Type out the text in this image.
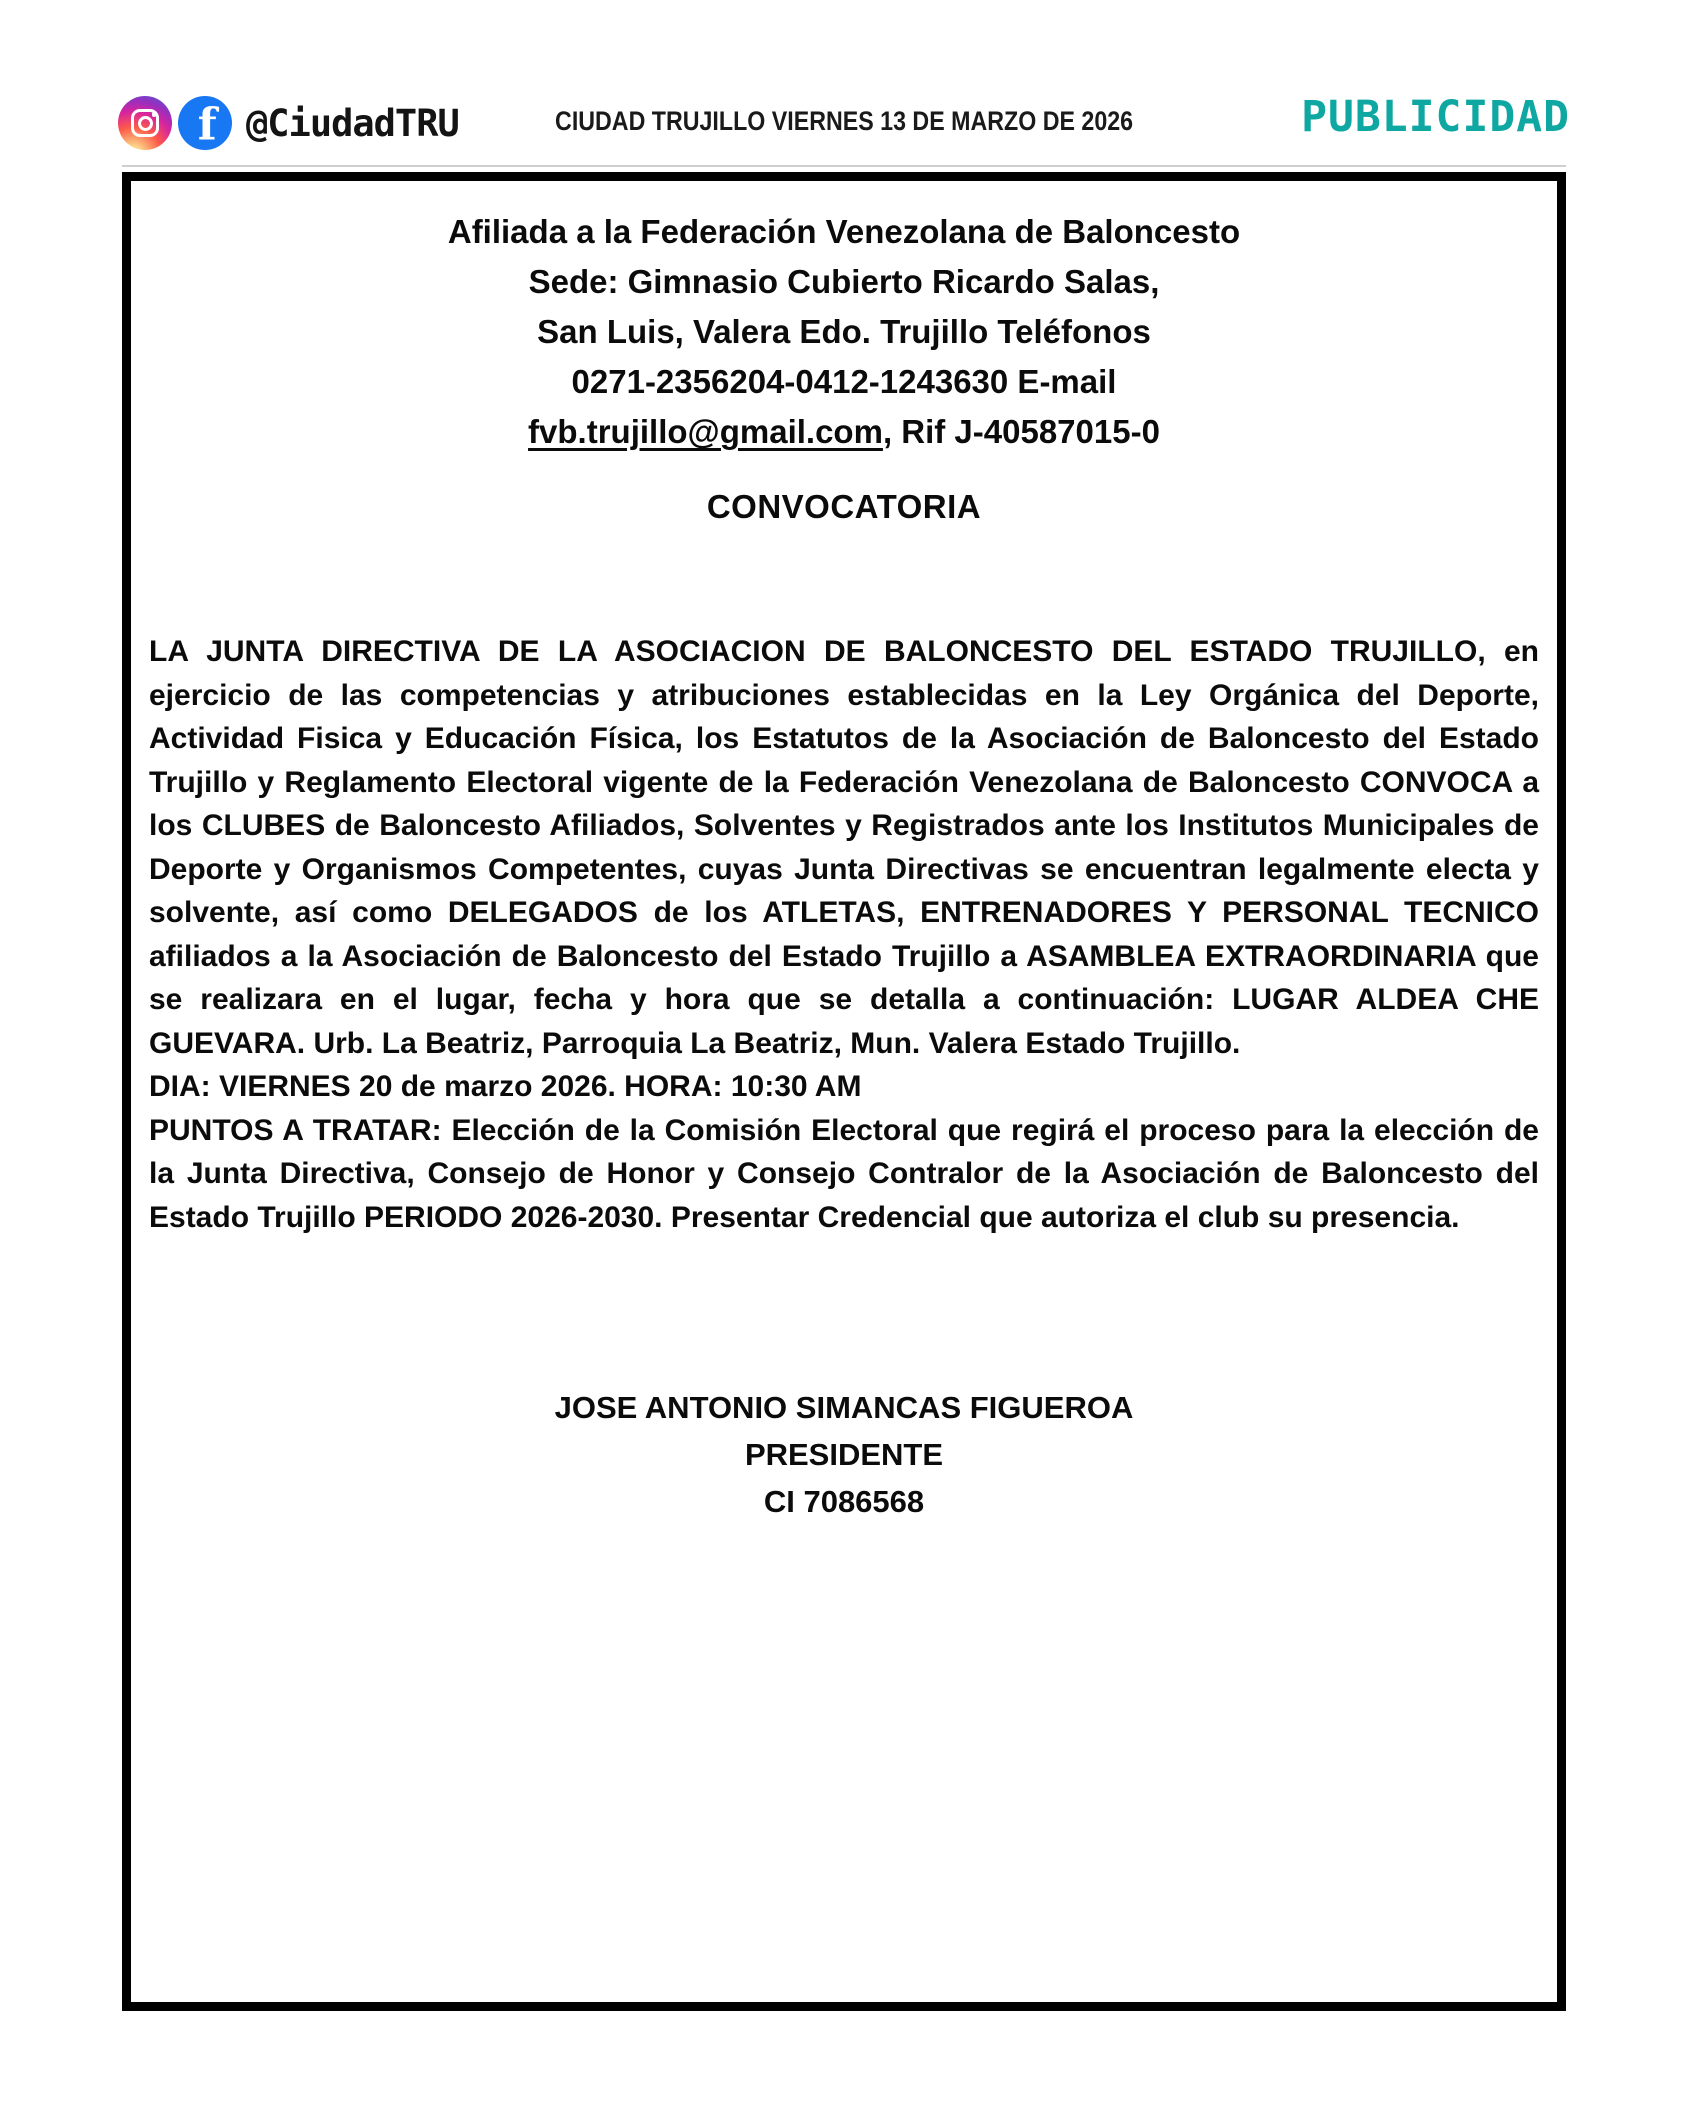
f @CiudadTRU	CIUDAD TRUJILLO VIERNES 13 DE MARZO DE 2026	PUBLICIDAD
Afiliada a la Federación Venezolana de Baloncesto
Sede: Gimnasio Cubierto Ricardo Salas,
San Luis, Valera Edo. Trujillo Teléfonos
0271-2356204-0412-1243630 E-mail
fvb.trujillo@gmail.com, Rif J-40587015-0
CONVOCATORIA

LA JUNTA DIRECTIVA DE LA ASOCIACION DE BALONCESTO DEL ESTADO TRUJILLO, en ejercicio de las competencias y atribuciones establecidas en la Ley Orgánica del Deporte, Actividad Fisica y Educación Física, los Estatutos de la Asociación de Baloncesto del Estado Trujillo y Reglamento Electoral vigente de la Federación Venezolana de Baloncesto CONVOCA a los CLUBES de Baloncesto Afiliados, Solventes y Registrados ante los Institutos Municipales de Deporte y Organismos Competentes, cuyas Junta Directivas se encuentran legalmente electa y solvente, así como DELEGADOS de los ATLETAS, ENTRENADORES Y PERSONAL TECNICO afiliados a la Asociación de Baloncesto del Estado Trujillo a ASAMBLEA EXTRAORDINARIA que se realizara en el lugar, fecha y hora que se detalla a continuación: LUGAR ALDEA CHE GUEVARA. Urb. La Beatriz, Parroquia La Beatriz, Mun. Valera Estado Trujillo.

DIA: VIERNES 20 de marzo 2026. HORA: 10:30 AM

PUNTOS A TRATAR: Elección de la Comisión Electoral que regirá el proceso para la elección de la Junta Directiva, Consejo de Honor y Consejo Contralor de la Asociación de Baloncesto del Estado Trujillo PERIODO 2026-2030. Presentar Credencial que autoriza el club su presencia.

JOSE ANTONIO SIMANCAS FIGUEROA
PRESIDENTE
CI 7086568
